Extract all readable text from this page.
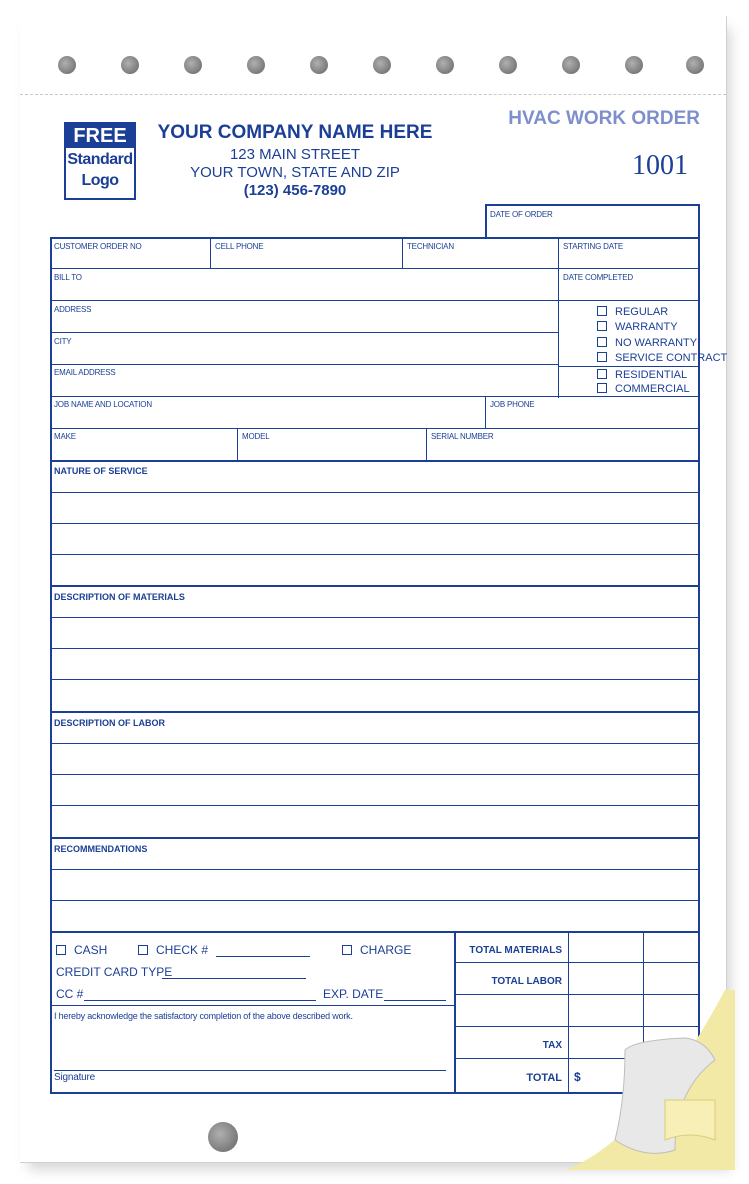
FREE
Standard
Logo
YOUR COMPANY NAME HERE
123 MAIN STREET
YOUR TOWN, STATE AND ZIP
(123) 456-7890
HVAC WORK ORDER
1001
DATE OF ORDER
CUSTOMER ORDER NO	CELL PHONE	TECHNICIAN	STARTING DATE
BILL TO	DATE COMPLETED
ADDRESS
CITY
EMAIL ADDRESS
REGULAR
WARRANTY
NO WARRANTY
SERVICE CONTRACT
RESIDENTIAL
COMMERCIAL
JOB NAME AND LOCATION	JOB PHONE
MAKE	MODEL	SERIAL NUMBER
NATURE OF SERVICE
DESCRIPTION OF MATERIALS
DESCRIPTION OF LABOR
RECOMMENDATIONS
CASH	CHECK #	CHARGE
CREDIT CARD TYPE
CC #	EXP. DATE
I hereby acknowledge the satisfactory completion of the above described work.
Signature
TOTAL MATERIALS
TOTAL LABOR
TAX
TOTAL $
